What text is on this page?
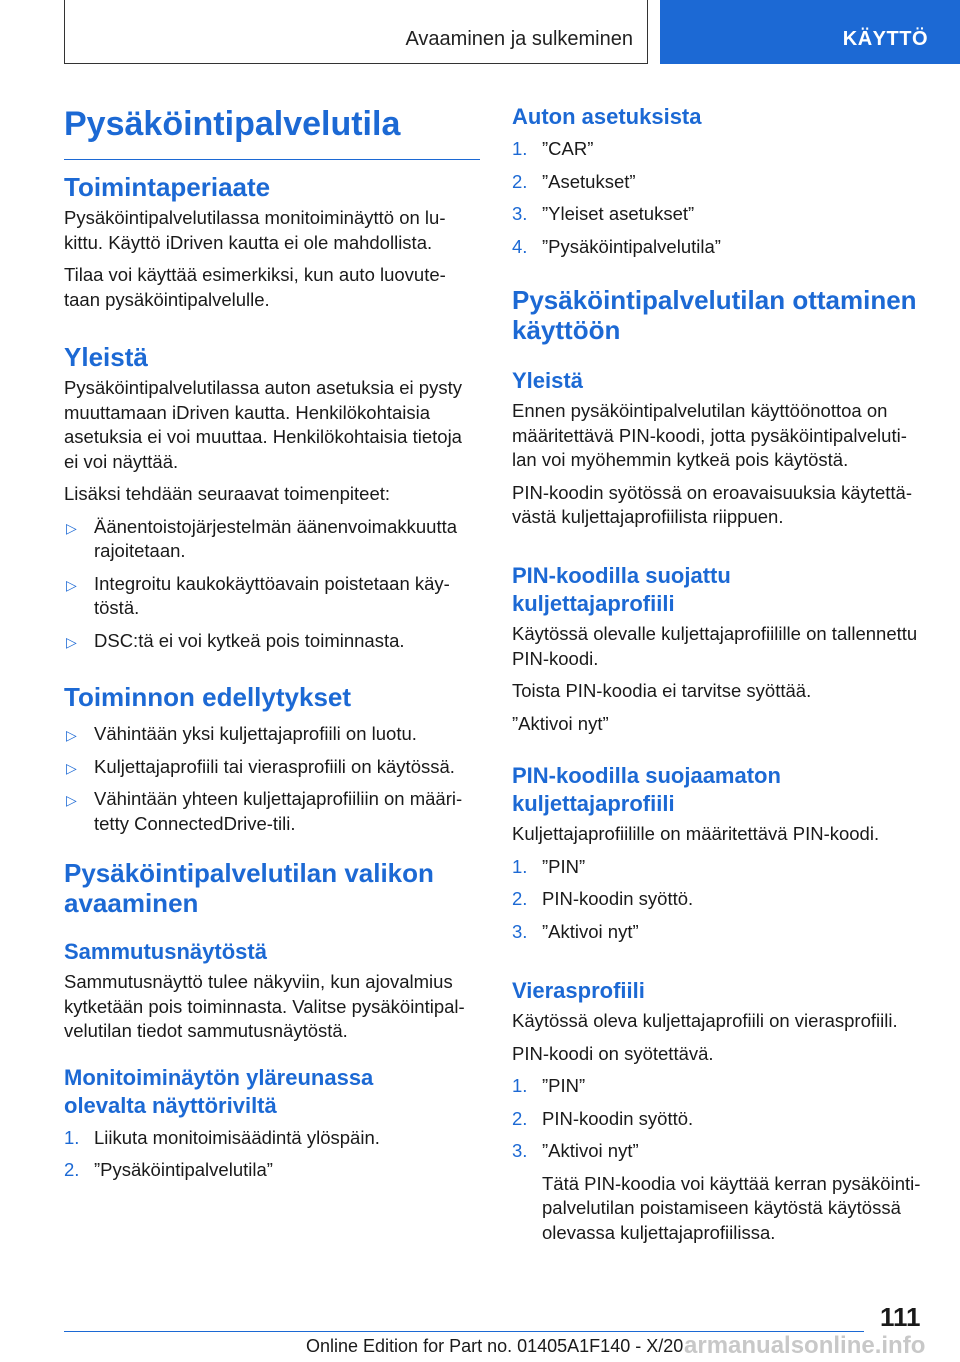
Avaaminen ja sulkeminen	KÄYTTÖ
Pysäköintipalvelutila
Toimintaperiaate

Pysäköintipalvelutilassa monitoiminäyttö on lu-
kittu. Käyttö iDriven kautta ei ole mahdollista.

Tilaa voi käyttää esimerkiksi, kun auto luovute-
taan pysäköintipalvelulle.

Yleistä

Pysäköintipalvelutilassa auton asetuksia ei pysty
muuttamaan iDriven kautta. Henkilökohtaisia
asetuksia ei voi muuttaa. Henkilökohtaisia tietoja
ei voi näyttää.

Lisäksi tehdään seuraavat toimenpiteet:

▷ Äänentoistojärjestelmän äänenvoimakkuutta
rajoitetaan.
▷ Integroitu kaukokäyttöavain poistetaan käy-
töstä.
▷ DSC:tä ei voi kytkeä pois toiminnasta.
Toiminnon edellytykset
▷ Vähintään yksi kuljettajaprofiili on luotu.
▷ Kuljettajaprofiili tai vierasprofiili on käytössä.
▷ Vähintään yhteen kuljettajaprofiiliin on määri-
tetty ConnectedDrive-tili.
Pysäköintipalvelutilan valikon
avaaminen
Sammutusnäytöstä

Sammutusnäyttö tulee näkyviin, kun ajovalmius
kytketään pois toiminnasta. Valitse pysäköintipal-
velutilan tiedot sammutusnäytöstä.

Monitoiminäytön yläreunassa
olevalta näyttöriviltä
1. Liikuta monitoimisäädintä ylöspäin.
2. ”Pysäköintipalvelutila”
Auton asetuksista
1. ”CAR”
2. ”Asetukset”
3. ”Yleiset asetukset”
4. ”Pysäköintipalvelutila”
Pysäköintipalvelutilan ottaminen
käyttöön
Yleistä

Ennen pysäköintipalvelutilan käyttöönottoa on
määritettävä PIN-koodi, jotta pysäköintipalveluti-
lan voi myöhemmin kytkeä pois käytöstä.

PIN-koodin syötössä on eroavaisuuksia käytettä-
västä kuljettajaprofiilista riippuen.

PIN-koodilla suojattu
kuljettajaprofiili

Käytössä olevalle kuljettajaprofiilille on tallennettu
PIN-koodi.

Toista PIN-koodia ei tarvitse syöttää.

”Aktivoi nyt”

PIN-koodilla suojaamaton
kuljettajaprofiili

Kuljettajaprofiilille on määritettävä PIN-koodi.

1. ”PIN”
2. PIN-koodin syöttö.
3. ”Aktivoi nyt”
Vierasprofiili

Käytössä oleva kuljettajaprofiili on vierasprofiili.

PIN-koodi on syötettävä.

1. ”PIN”
2. PIN-koodin syöttö.
3. ”Aktivoi nyt”

Tätä PIN-koodia voi käyttää kerran pysäköinti-
palvelutilan poistamiseen käytöstä käytössä
olevassa kuljettajaprofiilissa.

111
Online Edition for Part no. 01405A1F140 - X/20 armanualsonline.info
